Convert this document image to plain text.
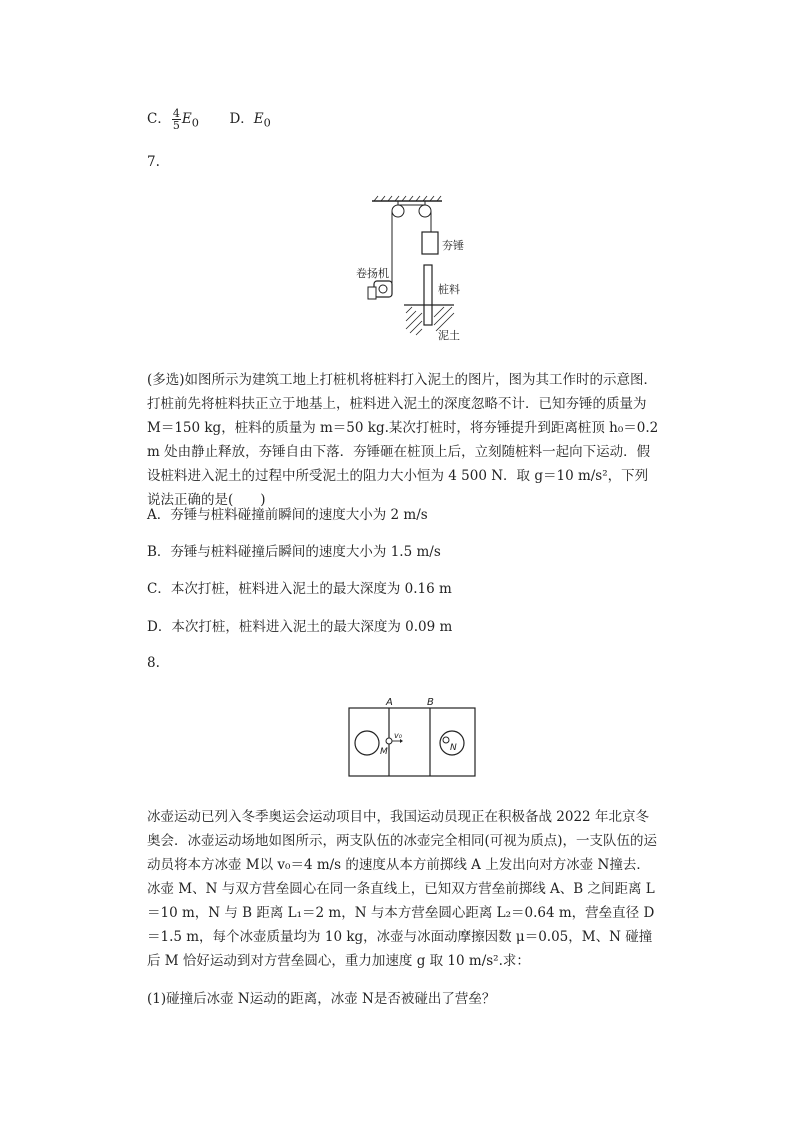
C． $\frac{4}{5} E_0$ D．$E_0$
7.
夯锤
卷扬机
桩料
泥土
(多选)如图所示为建筑工地上打桩机将桩料打入泥土的图片，图为其工作时的示意图．打桩前先将桩料扶正立于地基上，桩料进入泥土的深度忽略不计．已知夯锤的质量为 M＝150 kg，桩料的质量为 m＝50 kg.某次打桩时，将夯锤提升到距离桩顶 h₀＝0.2 m 处由静止释放，夯锤自由下落．夯锤砸在桩顶上后，立刻随桩料一起向下运动．假设桩料进入泥土的过程中所受泥土的阻力大小恒为 4 500 N．取 g＝10 m/s²，下列说法正确的是(　　)
A．夯锤与桩料碰撞前瞬间的速度大小为 2 m/s
B．夯锤与桩料碰撞后瞬间的速度大小为 1.5 m/s
C．本次打桩，桩料进入泥土的最大深度为 0.16 m
D．本次打桩，桩料进入泥土的最大深度为 0.09 m
8.
A	B
v₀
M	N
冰壶运动已列入冬季奥运会运动项目中，我国运动员现正在积极备战 2022 年北京冬奥会．冰壶运动场地如图所示，两支队伍的冰壶完全相同(可视为质点)，一支队伍的运动员将本方冰壶 M以 v₀＝4 m/s 的速度从本方前掷线 A 上发出向对方冰壶 N撞去．冰壶 M、N 与双方营垒圆心在同一条直线上，已知双方营垒前掷线 A、B 之间距离 L＝10 m，N 与 B 距离 L₁＝2 m，N 与本方营垒圆心距离 L₂＝0.64 m，营垒直径 D＝1.5 m，每个冰壶质量均为 10 kg，冰壶与冰面动摩擦因数 μ＝0.05，M、N 碰撞后 M 恰好运动到对方营垒圆心，重力加速度 g 取 10 m/s².求：
(1)碰撞后冰壶 N运动的距离，冰壶 N是否被碰出了营垒？
